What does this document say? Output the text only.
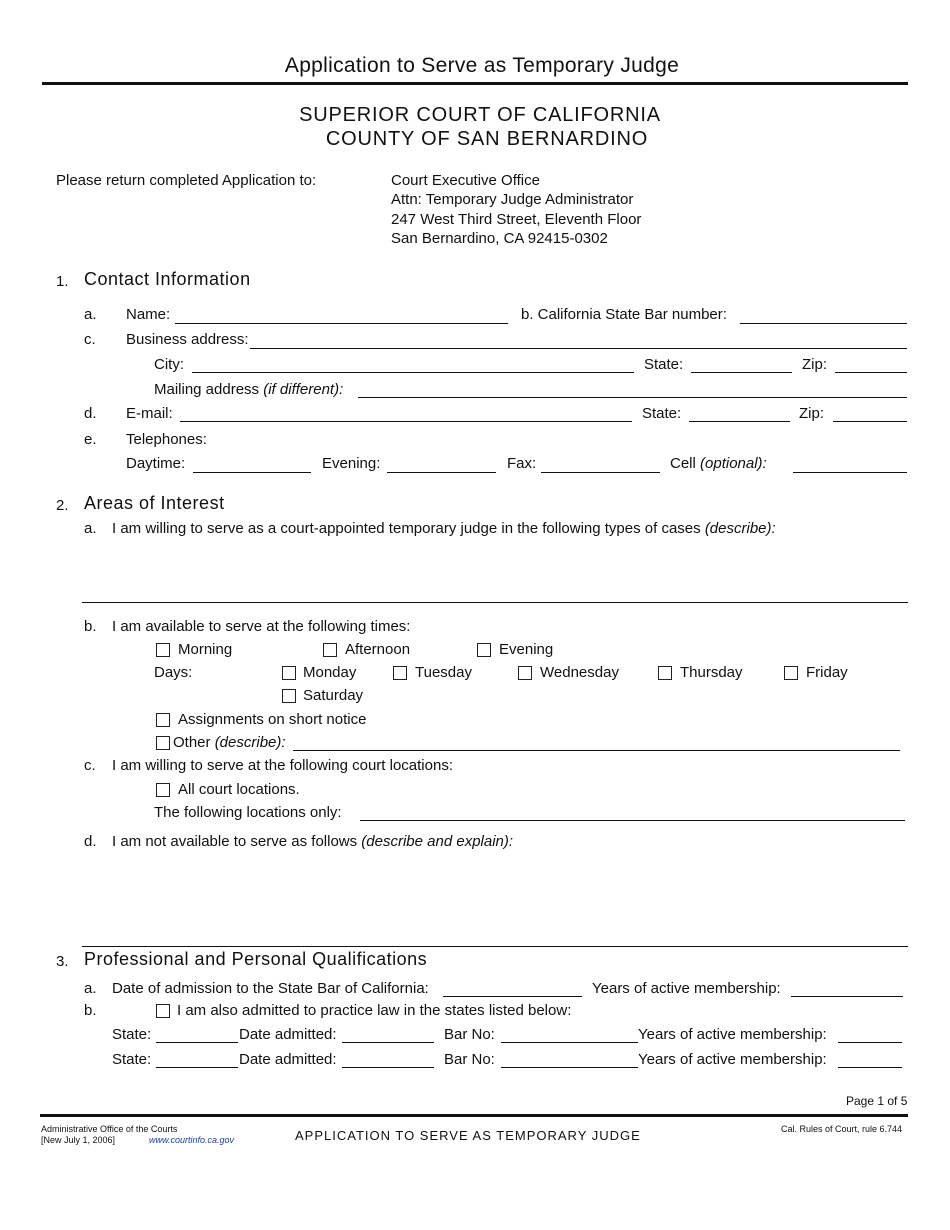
Application to Serve as Temporary Judge
SUPERIOR COURT OF CALIFORNIA
COUNTY OF SAN BERNARDINO
Please return completed Application to:	Court Executive Office
Attn: Temporary Judge Administrator
247 West Third Street, Eleventh Floor
San Bernardino, CA 92415-0302
1. Contact Information
a. Name:	b. California State Bar number:
c. Business address:
City:	State:	Zip:
Mailing address (if different):
d. E-mail:	State:	Zip:
e. Telephones:
Daytime:	Evening:	Fax:	Cell (optional):
2. Areas of Interest
a. I am willing to serve as a court-appointed temporary judge in the following types of cases (describe):
b. I am available to serve at the following times:
Morning	Afternoon	Evening
Days:	Monday	Tuesday	Wednesday	Thursday	Friday
Saturday
Assignments on short notice
Other (describe):
c. I am willing to serve at the following court locations:
All court locations.
The following locations only:
d. I am not available to serve as follows (describe and explain):
3. Professional and Personal Qualifications
a. Date of admission to the State Bar of California:	Years of active membership:
b.	I am also admitted to practice law in the states listed below:
State:	Date admitted:	Bar No:	Years of active membership:
State:	Date admitted:	Bar No:	Years of active membership:
Page 1 of 5
Administrative Office of the Courts
[New July 1, 2006]	www.courtinfo.ca.gov	APPLICATION TO SERVE AS TEMPORARY JUDGE	Cal. Rules of Court, rule 6.744
